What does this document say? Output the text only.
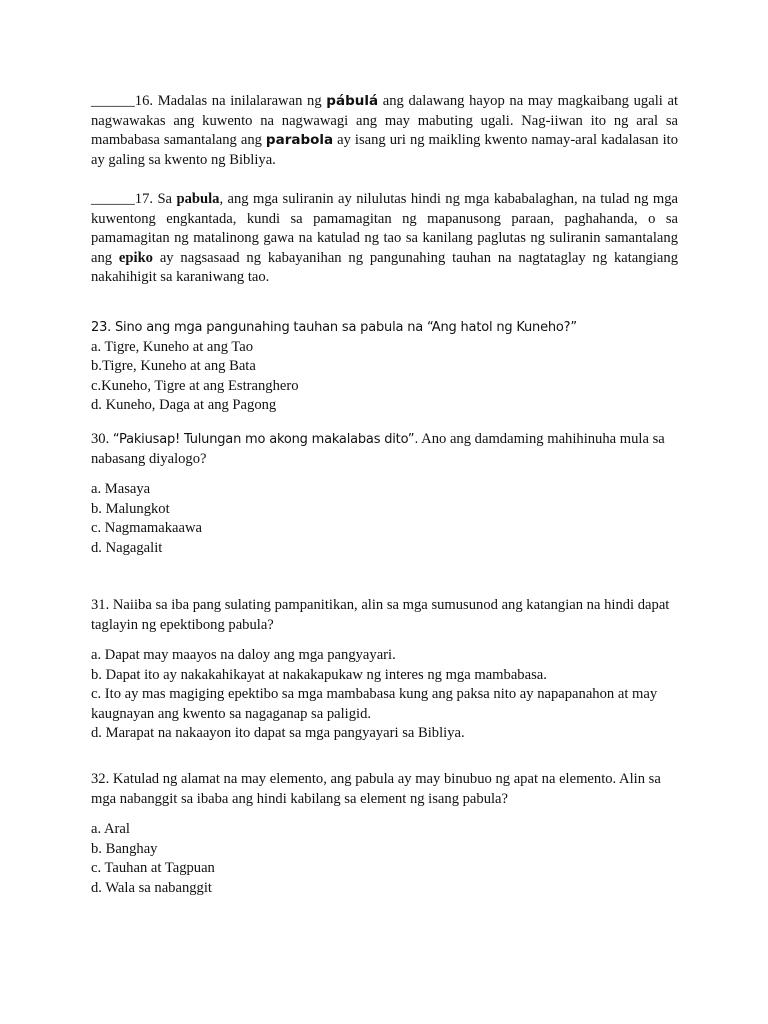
______16. Madalas na inilalarawan ng pábulá ang dalawang hayop na may magkaibang ugali at nagwawakas ang kuwento na nagwawagi ang may mabuting ugali. Nag-iiwan ito ng aral sa mambabasa samantalang ang parabola ay isang uri ng maikling kwento namay-aral kadalasan ito ay galing sa kwento ng Bibliya.

______17. Sa pabula, ang mga suliranin ay nilulutas hindi ng mga kababalaghan, na tulad ng mga kuwentong engkantada, kundi sa pamamagitan ng mapanusong paraan, paghahanda, o sa pamamagitan ng matalinong gawa na katulad ng tao sa kanilang paglutas ng suliranin samantalang ang epiko ay nagsasaad ng kabayanihan ng pangunahing tauhan na nagtataglay ng katangiang nakahihigit sa karaniwang tao.

23. Sino ang mga pangunahing tauhan sa pabula na “Ang hatol ng Kuneho?”

a. Tigre, Kuneho at ang Tao
b.Tigre, Kuneho at ang Bata
c.Kuneho, Tigre at ang Estranghero
d. Kuneho, Daga at ang Pagong

30. “Pakiusap! Tulungan mo akong makalabas dito”. Ano ang damdaming mahihinuha mula sa nabasang diyalogo?

a. Masaya
b. Malungkot
c. Nagmamakaawa
d. Nagagalit

31. Naiiba sa iba pang sulating pampanitikan, alin sa mga sumusunod ang katangian na hindi dapat taglayin ng epektibong pabula?

a. Dapat may maayos na daloy ang mga pangyayari.
b. Dapat ito ay nakakahikayat at nakakapukaw ng interes ng mga mambabasa.
c. Ito ay mas magiging epektibo sa mga mambabasa kung ang paksa nito ay napapanahon at may kaugnayan ang kwento sa nagaganap sa paligid.
d. Marapat na nakaayon ito dapat sa mga pangyayari sa Bibliya.

32. Katulad ng alamat na may elemento, ang pabula ay may binubuo ng apat na elemento. Alin sa mga nabanggit sa ibaba ang hindi kabilang sa element ng isang pabula?

a. Aral
b. Banghay
c. Tauhan at Tagpuan
d. Wala sa nabanggit
